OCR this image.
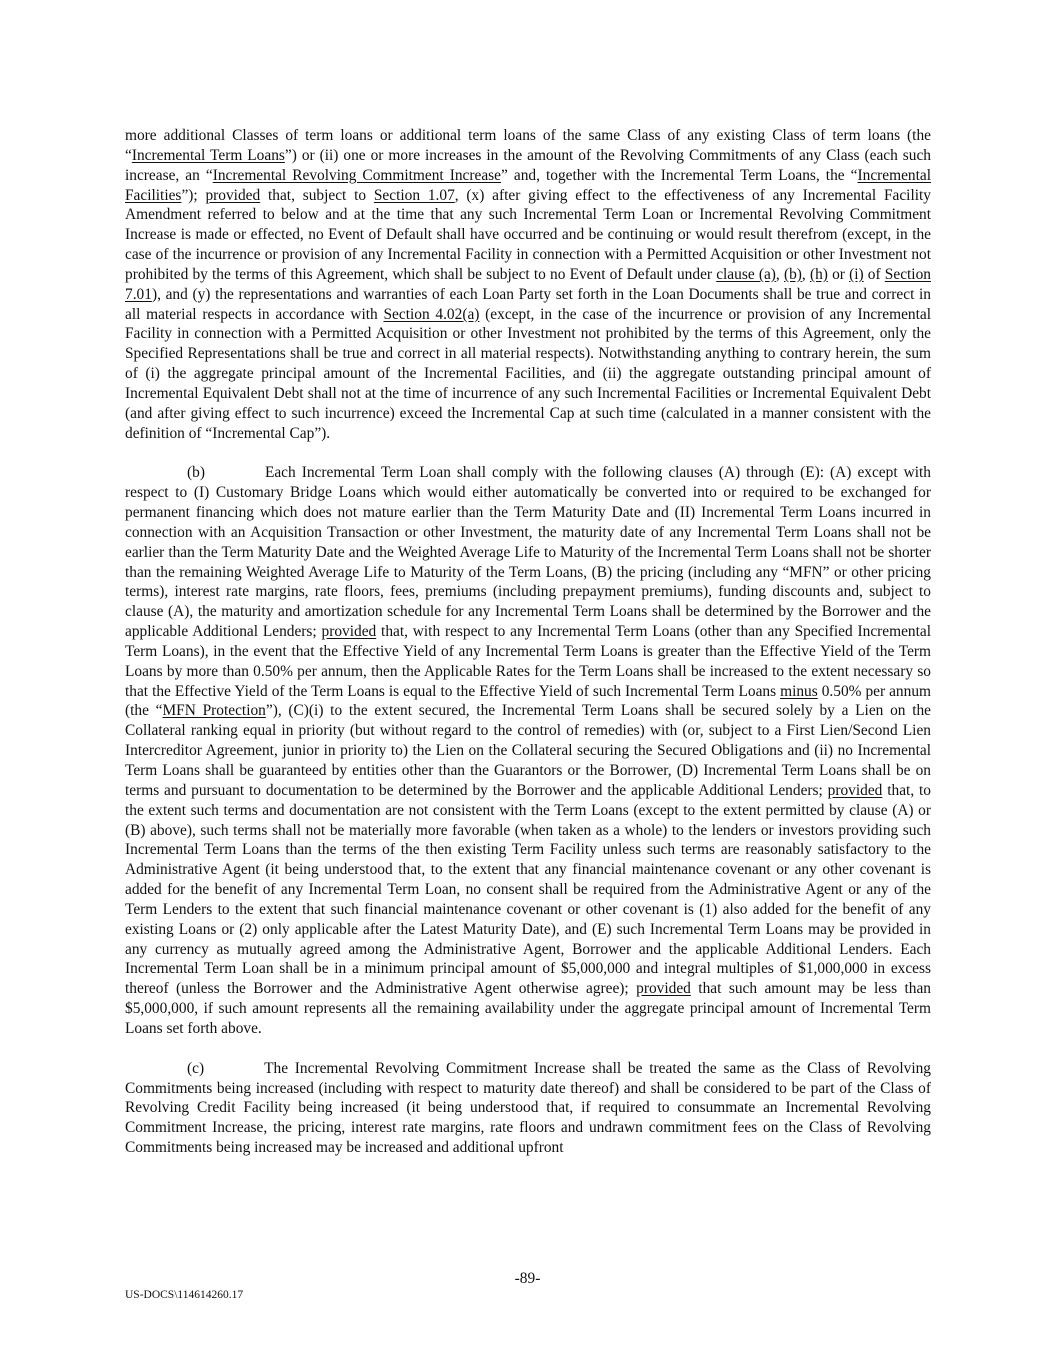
more additional Classes of term loans or additional term loans of the same Class of any existing Class of term loans (the “Incremental Term Loans”) or (ii) one or more increases in the amount of the Revolving Commitments of any Class (each such increase, an “Incremental Revolving Commitment Increase” and, together with the Incremental Term Loans, the “Incremental Facilities”); provided that, subject to Section 1.07, (x) after giving effect to the effectiveness of any Incremental Facility Amendment referred to below and at the time that any such Incremental Term Loan or Incremental Revolving Commitment Increase is made or effected, no Event of Default shall have occurred and be continuing or would result therefrom (except, in the case of the incurrence or provision of any Incremental Facility in connection with a Permitted Acquisition or other Investment not prohibited by the terms of this Agreement, which shall be subject to no Event of Default under clause (a), (b), (h) or (i) of Section 7.01), and (y) the representations and warranties of each Loan Party set forth in the Loan Documents shall be true and correct in all material respects in accordance with Section 4.02(a) (except, in the case of the incurrence or provision of any Incremental Facility in connection with a Permitted Acquisition or other Investment not prohibited by the terms of this Agreement, only the Specified Representations shall be true and correct in all material respects). Notwithstanding anything to contrary herein, the sum of (i) the aggregate principal amount of the Incremental Facilities, and (ii) the aggregate outstanding principal amount of Incremental Equivalent Debt shall not at the time of incurrence of any such Incremental Facilities or Incremental Equivalent Debt (and after giving effect to such incurrence) exceed the Incremental Cap at such time (calculated in a manner consistent with the definition of “Incremental Cap”).

(b)	Each Incremental Term Loan shall comply with the following clauses (A) through (E): (A) except with respect to (I) Customary Bridge Loans which would either automatically be converted into or required to be exchanged for permanent financing which does not mature earlier than the Term Maturity Date and (II) Incremental Term Loans incurred in connection with an Acquisition Transaction or other Investment, the maturity date of any Incremental Term Loans shall not be earlier than the Term Maturity Date and the Weighted Average Life to Maturity of the Incremental Term Loans shall not be shorter than the remaining Weighted Average Life to Maturity of the Term Loans, (B) the pricing (including any “MFN” or other pricing terms), interest rate margins, rate floors, fees, premiums (including prepayment premiums), funding discounts and, subject to clause (A), the maturity and amortization schedule for any Incremental Term Loans shall be determined by the Borrower and the applicable Additional Lenders; provided that, with respect to any Incremental Term Loans (other than any Specified Incremental Term Loans), in the event that the Effective Yield of any Incremental Term Loans is greater than the Effective Yield of the Term Loans by more than 0.50% per annum, then the Applicable Rates for the Term Loans shall be increased to the extent necessary so that the Effective Yield of the Term Loans is equal to the Effective Yield of such Incremental Term Loans minus 0.50% per annum (the “MFN Protection”), (C)(i) to the extent secured, the Incremental Term Loans shall be secured solely by a Lien on the Collateral ranking equal in priority (but without regard to the control of remedies) with (or, subject to a First Lien/Second Lien Intercreditor Agreement, junior in priority to) the Lien on the Collateral securing the Secured Obligations and (ii) no Incremental Term Loans shall be guaranteed by entities other than the Guarantors or the Borrower, (D) Incremental Term Loans shall be on terms and pursuant to documentation to be determined by the Borrower and the applicable Additional Lenders; provided that, to the extent such terms and documentation are not consistent with the Term Loans (except to the extent permitted by clause (A) or (B) above), such terms shall not be materially more favorable (when taken as a whole) to the lenders or investors providing such Incremental Term Loans than the terms of the then existing Term Facility unless such terms are reasonably satisfactory to the Administrative Agent (it being understood that, to the extent that any financial maintenance covenant or any other covenant is added for the benefit of any Incremental Term Loan, no consent shall be required from the Administrative Agent or any of the Term Lenders to the extent that such financial maintenance covenant or other covenant is (1) also added for the benefit of any existing Loans or (2) only applicable after the Latest Maturity Date), and (E) such Incremental Term Loans may be provided in any currency as mutually agreed among the Administrative Agent, Borrower and the applicable Additional Lenders. Each Incremental Term Loan shall be in a minimum principal amount of $5,000,000 and integral multiples of $1,000,000 in excess thereof (unless the Borrower and the Administrative Agent otherwise agree); provided that such amount may be less than $5,000,000, if such amount represents all the remaining availability under the aggregate principal amount of Incremental Term Loans set forth above.

(c)	The Incremental Revolving Commitment Increase shall be treated the same as the Class of Revolving Commitments being increased (including with respect to maturity date thereof) and shall be considered to be part of the Class of Revolving Credit Facility being increased (it being understood that, if required to consummate an Incremental Revolving Commitment Increase, the pricing, interest rate margins, rate floors and undrawn commitment fees on the Class of Revolving Commitments being increased may be increased and additional upfront

-89-
US-DOCS\114614260.17
